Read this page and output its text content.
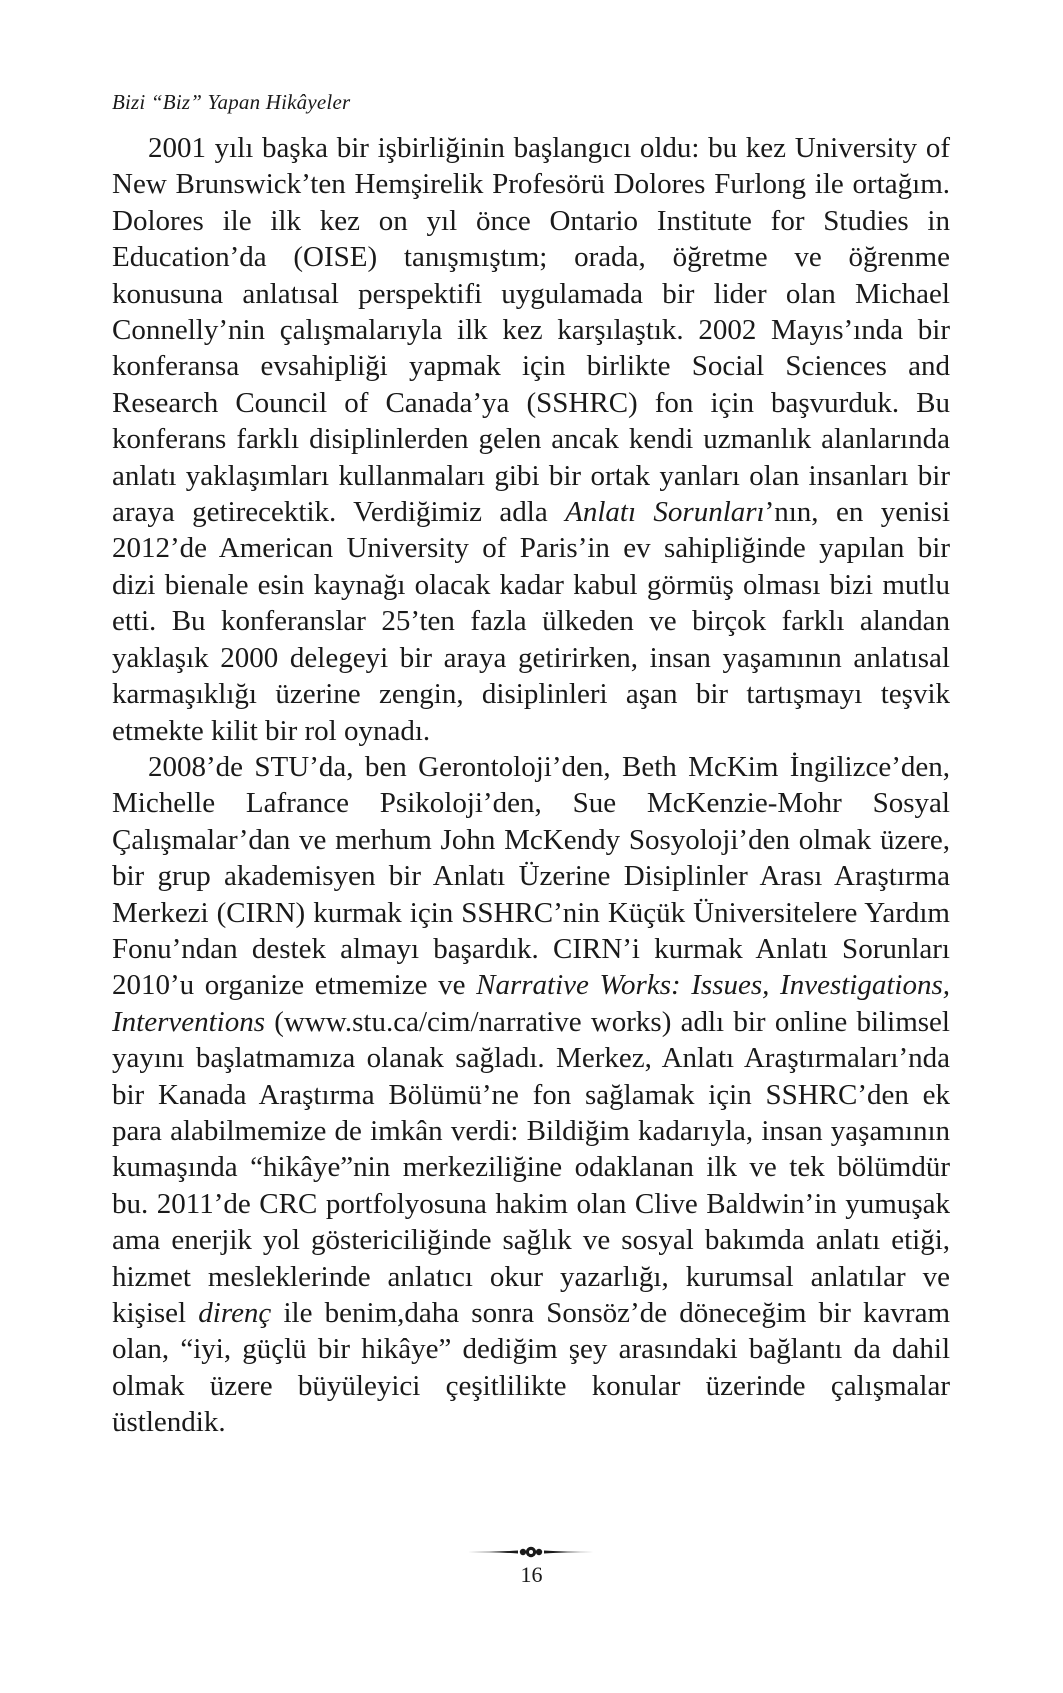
Bizi “Biz” Yapan Hikâyeler

2001 yılı başka bir işbirliğinin başlangıcı oldu: bu kez University of New Brunswick’ten Hemşirelik Profesörü Dolores Furlong ile ortağım. Dolores ile ilk kez on yıl önce Ontario Institute for Studies in Education’da (OISE) tanışmıştım; orada, öğretme ve öğrenme konusuna anlatısal perspektifi uygulamada bir lider olan Michael Connelly’nin çalışmalarıyla ilk kez karşılaştık. 2002 Mayıs’ında bir konferansa evsahipliği yapmak için birlikte Social Sciences and Research Council of Canada’ya (SSHRC) fon için başvurduk. Bu konferans farklı disiplinlerden gelen ancak kendi uzmanlık alanlarında anlatı yaklaşımları kullanmaları gibi bir ortak yanları olan insanları bir araya getirecektik. Verdiğimiz adla Anlatı Sorunları’nın, en yenisi 2012’de American University of Paris’in ev sahipliğinde yapılan bir dizi bienale esin kaynağı olacak kadar kabul görmüş olması bizi mutlu etti. Bu konferanslar 25’ten fazla ülkeden ve birçok farklı alandan yaklaşık 2000 delegeyi bir araya getirirken, insan yaşamının anlatısal karmaşıklığı üzerine zengin, disiplinleri aşan bir tartışmayı teşvik etmekte kilit bir rol oynadı.

2008’de STU’da, ben Gerontoloji’den, Beth McKim İngilizce’den, Michelle Lafrance Psikoloji’den, Sue McKenzie-Mohr Sosyal Çalışmalar’dan ve merhum John McKendy Sosyoloji’den olmak üzere, bir grup akademisyen bir Anlatı Üzerine Disiplinler Arası Araştırma Merkezi (CIRN) kurmak için SSHRC’nin Küçük Üniversitelere Yardım Fonu’ndan destek almayı başardık. CIRN’i kurmak Anlatı Sorunları 2010’u organize etmemize ve Narrative Works: Issues, Investigations, Interventions (www.stu.ca/cim/narrative works) adlı bir online bilimsel yayını başlatmamıza olanak sağladı. Merkez, Anlatı Araştırmaları’nda bir Kanada Araştırma Bölümü’ne fon sağlamak için SSHRC’den ek para alabilmemize de imkân verdi: Bildiğim kadarıyla, insan yaşamının kumaşında “hikâye”nin merkeziliğine odaklanan ilk ve tek bölümdür bu. 2011’de CRC portfolyosuna hakim olan Clive Baldwin’in yumuşak ama enerjik yol göstericiliğinde sağlık ve sosyal bakımda anlatı etiği, hizmet mesleklerinde anlatıcı okur yazarlığı, kurumsal anlatılar ve kişisel direnç ile benim,daha sonra Sonsöz’de döneceğim bir kavram olan, “iyi, güçlü bir hikâye” dediğim şey arasındaki bağlantı da dahil olmak üzere büyüleyici çeşitlilikte konular üzerinde çalışmalar üstlendik.

16
